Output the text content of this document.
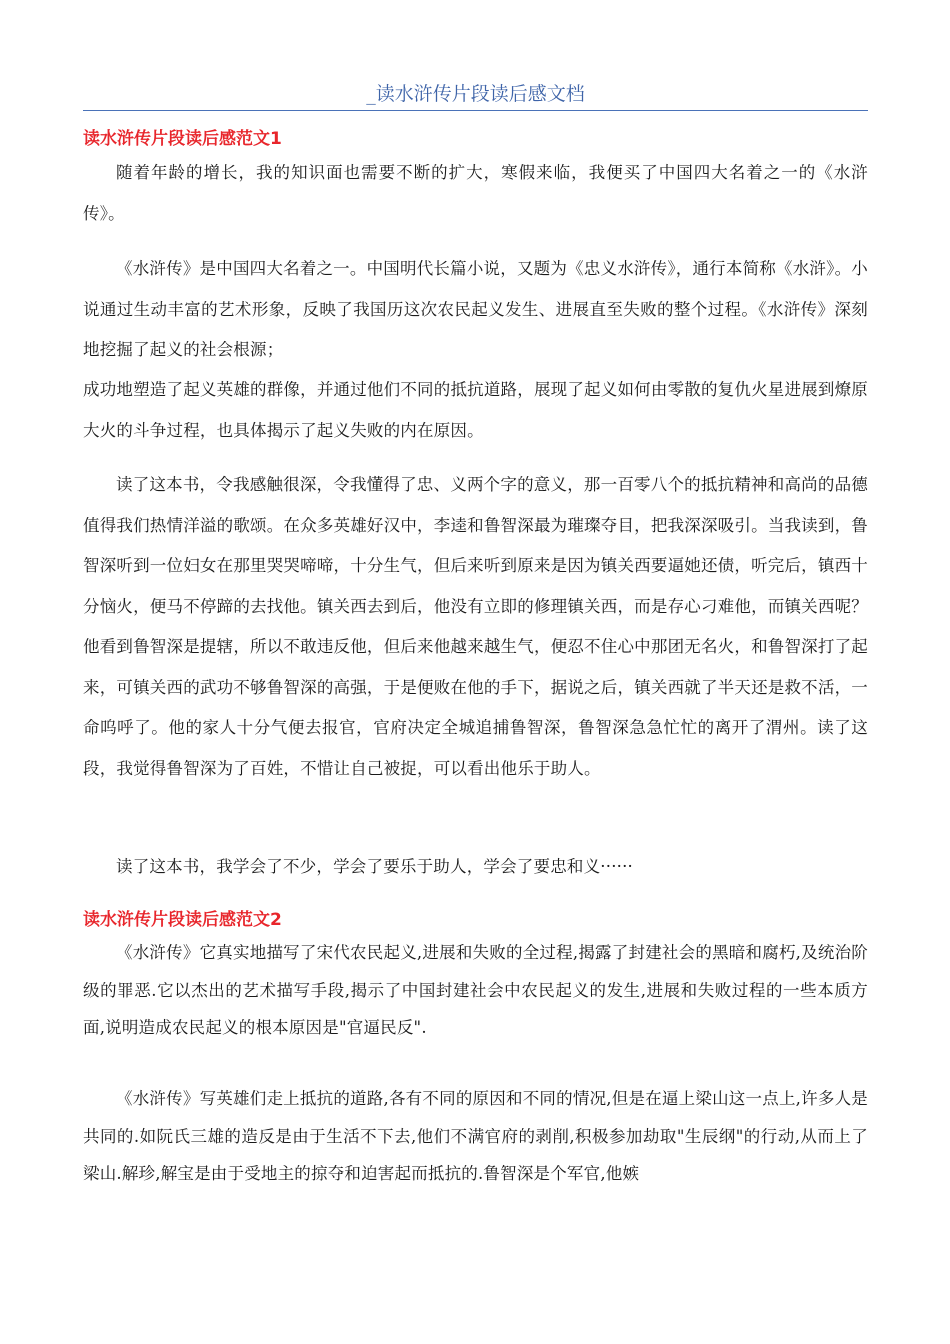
_读水浒传片段读后感文档
读水浒传片段读后感范文1
随着年龄的增长，我的知识面也需要不断的扩大，寒假来临，我便买了中国四大名着之一的《水浒传》。
《水浒传》是中国四大名着之一。中国明代长篇小说，又题为《忠义水浒传》，通行本简称《水浒》。小说通过生动丰富的艺术形象，反映了我国历这次农民起义发生、进展直至失败的整个过程。《水浒传》深刻地挖掘了起义的社会根源；
成功地塑造了起义英雄的群像，并通过他们不同的抵抗道路，展现了起义如何由零散的复仇火星进展到燎原大火的斗争过程，也具体揭示了起义失败的内在原因。
读了这本书，令我感触很深，令我懂得了忠、义两个字的意义，那一百零八个的抵抗精神和高尚的品德值得我们热情洋溢的歌颂。在众多英雄好汉中，李逵和鲁智深最为璀璨夺目，把我深深吸引。当我读到，鲁智深听到一位妇女在那里哭哭啼啼，十分生气，但后来听到原来是因为镇关西要逼她还债，听完后，镇西十分恼火，便马不停蹄的去找他。镇关西去到后，他没有立即的修理镇关西，而是存心刁难他，而镇关西呢？他看到鲁智深是提辖，所以不敢违反他，但后来他越来越生气，便忍不住心中那团无名火，和鲁智深打了起来，可镇关西的武功不够鲁智深的高强，于是便败在他的手下，据说之后，镇关西就了半天还是救不活，一命呜呼了。他的家人十分气便去报官，官府决定全城追捕鲁智深，鲁智深急急忙忙的离开了渭州。读了这段，我觉得鲁智深为了百姓，不惜让自己被捉，可以看出他乐于助人。
读了这本书，我学会了不少，学会了要乐于助人，学会了要忠和义······
读水浒传片段读后感范文2
《水浒传》它真实地描写了宋代农民起义,进展和失败的全过程,揭露了封建社会的黑暗和腐朽,及统治阶级的罪恶.它以杰出的艺术描写手段,揭示了中国封建社会中农民起义的发生,进展和失败过程的一些本质方面,说明造成农民起义的根本原因是"官逼民反".
《水浒传》写英雄们走上抵抗的道路,各有不同的原因和不同的情况,但是在逼上梁山这一点上,许多人是共同的.如阮氏三雄的造反是由于生活不下去,他们不满官府的剥削,积极参加劫取"生辰纲"的行动,从而上了梁山.解珍,解宝是由于受地主的掠夺和迫害起而抵抗的.鲁智深是个军官,他嫉
